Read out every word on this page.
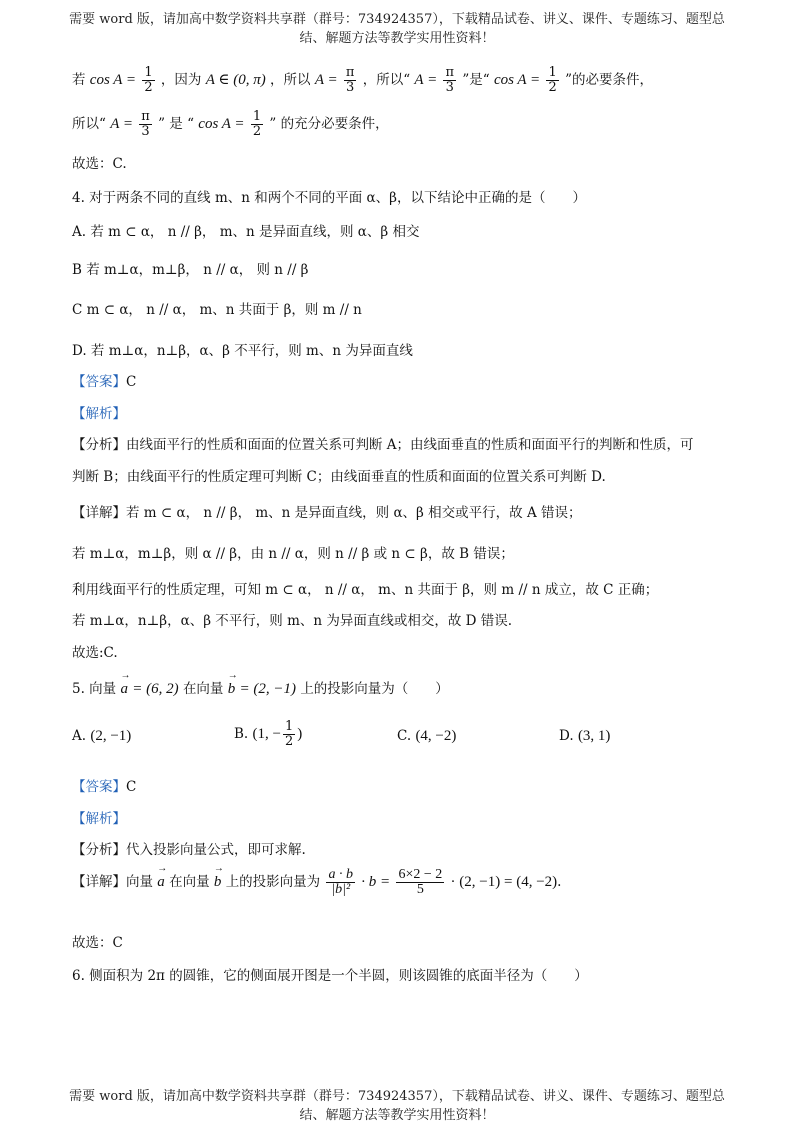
需要 word 版，请加高中数学资料共享群（群号：734924357），下载精品试卷、讲义、课件、专题练习、题型总
结、解题方法等教学实用性资料！
若 $\cos A = \frac{1}{2}$ ，因为 A ∈ (0, π) ，所以 $A = \frac{\pi}{3}$ ，所以“ $A = \frac{\pi}{3}$ ”是“ $\cos A = \frac{1}{2}$ ”的必要条件，
所以“ $A = \frac{\pi}{3}$ ” 是 “ $\cos A = \frac{1}{2}$ ” 的充分必要条件，
故选：C.
4. 对于两条不同的直线 m、n 和两个不同的平面 α、β，以下结论中正确的是（　　）
A. 若 m ⊂ α， n // β， m、n 是异面直线，则 α、β 相交
B 若 m⊥α，m⊥β， n // α， 则 n // β
C m ⊂ α， n // α， m、n 共面于 β，则 m // n
D. 若 m⊥α，n⊥β，α、β 不平行，则 m、n 为异面直线
【答案】C
【解析】
【分析】由线面平行的性质和面面的位置关系可判断 A；由线面垂直的性质和面面平行的判断和性质，可
判断 B；由线面平行的性质定理可判断 C；由线面垂直的性质和面面的位置关系可判断 D.
【详解】若 m ⊂ α， n // β， m、n 是异面直线，则 α、β 相交或平行，故 A 错误；
若 m⊥α，m⊥β，则 α // β，由 n // α，则 n // β 或 n ⊂ β，故 B 错误；
利用线面平行的性质定理，可知 m ⊂ α， n // α， m、n 共面于 β，则 m // n 成立，故 C 正确；
若 m⊥α，n⊥β，α、β 不平行，则 m、n 为异面直线或相交，故 D 错误.
故选:C.
5. 向量 → a = (6, 2) 在向量 → b = (2, −1) 上的投影向量为（　　）
A. (2, −1)	B. (1, − $\frac{1}{2}$ )	C. (4, −2)	D. (3, 1)
【答案】C
【解析】
【分析】代入投影向量公式，即可求解.
【详解】向量 → a 在向量 → b 上的投影向量为 $\frac{a \cdot b}{\text{|b|²}} \cdot b = \frac{6\times 2 - 2}{5} \cdot (2$, −1) = (4, −2).
故选：C
6. 侧面积为 2π 的圆锥，它的侧面展开图是一个半圆，则该圆锥的底面半径为（　　）
需要 word 版，请加高中数学资料共享群（群号：734924357），下载精品试卷、讲义、课件、专题练习、题型总
结、解题方法等教学实用性资料！
